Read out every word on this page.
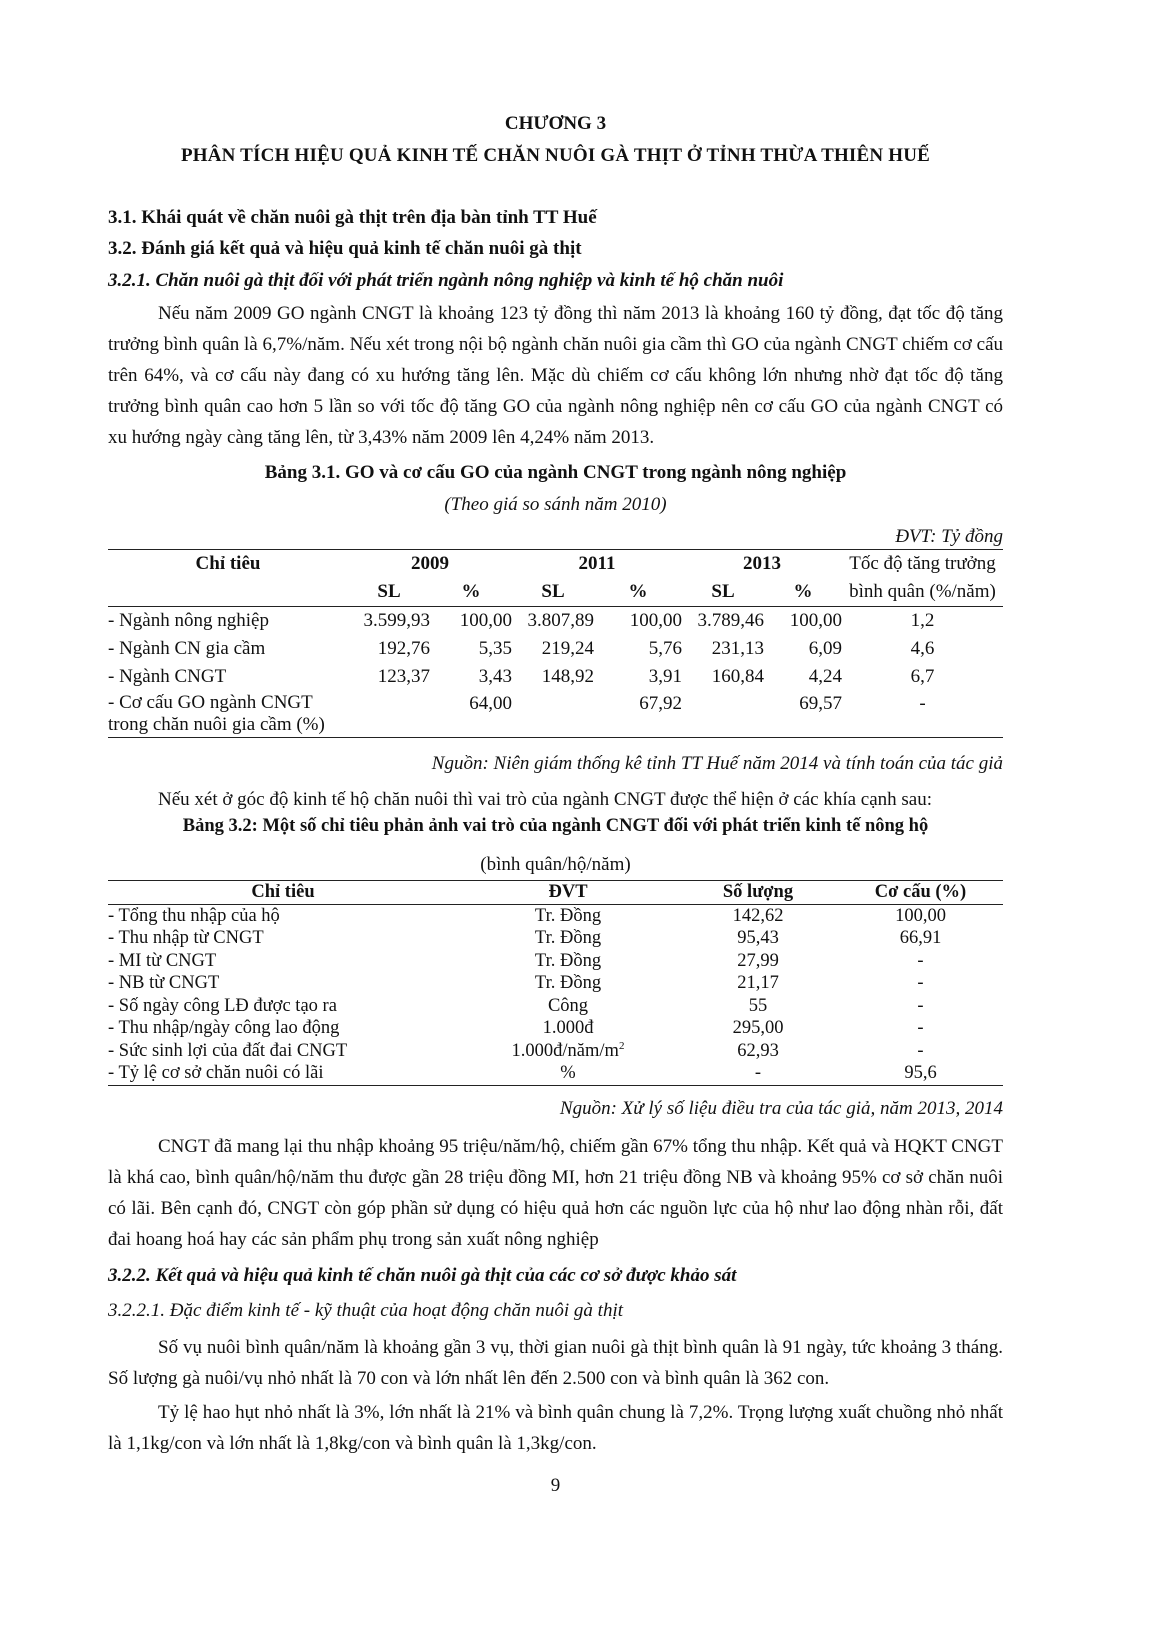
CHƯƠNG 3
PHÂN TÍCH HIỆU QUẢ KINH TẾ CHĂN NUÔI GÀ THỊT Ở TỈNH THỪA THIÊN HUẾ
3.1. Khái quát về chăn nuôi gà thịt trên địa bàn tỉnh TT Huế
3.2. Đánh giá kết quả và hiệu quả kinh tế chăn nuôi gà thịt
3.2.1. Chăn nuôi gà thịt đối với phát triển ngành nông nghiệp và kinh tế hộ chăn nuôi

Nếu năm 2009 GO ngành CNGT là khoảng 123 tỷ đồng thì năm 2013 là khoảng 160 tỷ đồng, đạt tốc độ tăng trưởng bình quân là 6,7%/năm. Nếu xét trong nội bộ ngành chăn nuôi gia cầm thì GO của ngành CNGT chiếm cơ cấu trên 64%, và cơ cấu này đang có xu hướng tăng lên. Mặc dù chiếm cơ cấu không lớn nhưng nhờ đạt tốc độ tăng trưởng bình quân cao hơn 5 lần so với tốc độ tăng GO của ngành nông nghiệp nên cơ cấu GO của ngành CNGT có xu hướng ngày càng tăng lên, từ 3,43% năm 2009 lên 4,24% năm 2013.

Bảng 3.1. GO và cơ cấu GO của ngành CNGT trong ngành nông nghiệp
(Theo giá so sánh năm 2010)
ĐVT: Tỷ đồng
Chỉ tiêu	2009		2011		2013		Tốc độ tăng trưởng
	SL	%	SL	%	SL	%	bình quân (%/năm)
- Ngành nông nghiệp	3.599,93	100,00	3.807,89	100,00	3.789,46	100,00	1,2
- Ngành CN gia cầm	192,76	5,35	219,24	5,76	231,13	6,09	4,6
- Ngành CNGT	123,37	3,43	148,92	3,91	160,84	4,24	6,7

- Cơ cấu GO ngành CNGT
trong chăn nuôi gia cầm (%)		64,00		67,92		69,57	-
Nguồn: Niên giám thống kê tỉnh TT Huế năm 2014 và tính toán của tác giả

Nếu xét ở góc độ kinh tế hộ chăn nuôi thì vai trò của ngành CNGT được thể hiện ở các khía cạnh sau:

Bảng 3.2: Một số chỉ tiêu phản ảnh vai trò của ngành CNGT đối với phát triển kinh tế nông hộ
(bình quân/hộ/năm)
Chỉ tiêu	ĐVT	Số lượng	Cơ cấu (%)
- Tổng thu nhập của hộ	Tr. Đồng	142,62	100,00
- Thu nhập từ CNGT	Tr. Đồng	95,43	66,91
- MI từ CNGT	Tr. Đồng	27,99	-
- NB từ CNGT	Tr. Đồng	21,17	-
- Số ngày công LĐ được tạo ra	Công	55	-
- Thu nhập/ngày công lao động	1.000đ	295,00	-
- Sức sinh lợi của đất đai CNGT	$1.000đ/năm/m^2$	62,93	-
- Tỷ lệ cơ sở chăn nuôi có lãi	%	-	95,6
Nguồn: Xử lý số liệu điều tra của tác giả, năm 2013, 2014

CNGT đã mang lại thu nhập khoảng 95 triệu/năm/hộ, chiếm gần 67% tổng thu nhập. Kết quả và HQKT CNGT là khá cao, bình quân/hộ/năm thu được gần 28 triệu đồng MI, hơn 21 triệu đồng NB và khoảng 95% cơ sở chăn nuôi có lãi. Bên cạnh đó, CNGT còn góp phần sử dụng có hiệu quả hơn các nguồn lực của hộ như lao động nhàn rỗi, đất đai hoang hoá hay các sản phẩm phụ trong sản xuất nông nghiệp

3.2.2. Kết quả và hiệu quả kinh tế chăn nuôi gà thịt của các cơ sở được khảo sát
3.2.2.1. Đặc điểm kinh tế - kỹ thuật của hoạt động chăn nuôi gà thịt

Số vụ nuôi bình quân/năm là khoảng gần 3 vụ, thời gian nuôi gà thịt bình quân là 91 ngày, tức khoảng 3 tháng. Số lượng gà nuôi/vụ nhỏ nhất là 70 con và lớn nhất lên đến 2.500 con và bình quân là 362 con.

Tỷ lệ hao hụt nhỏ nhất là 3%, lớn nhất là 21% và bình quân chung là 7,2%. Trọng lượng xuất chuồng nhỏ nhất là 1,1kg/con và lớn nhất là 1,8kg/con và bình quân là 1,3kg/con.

9
